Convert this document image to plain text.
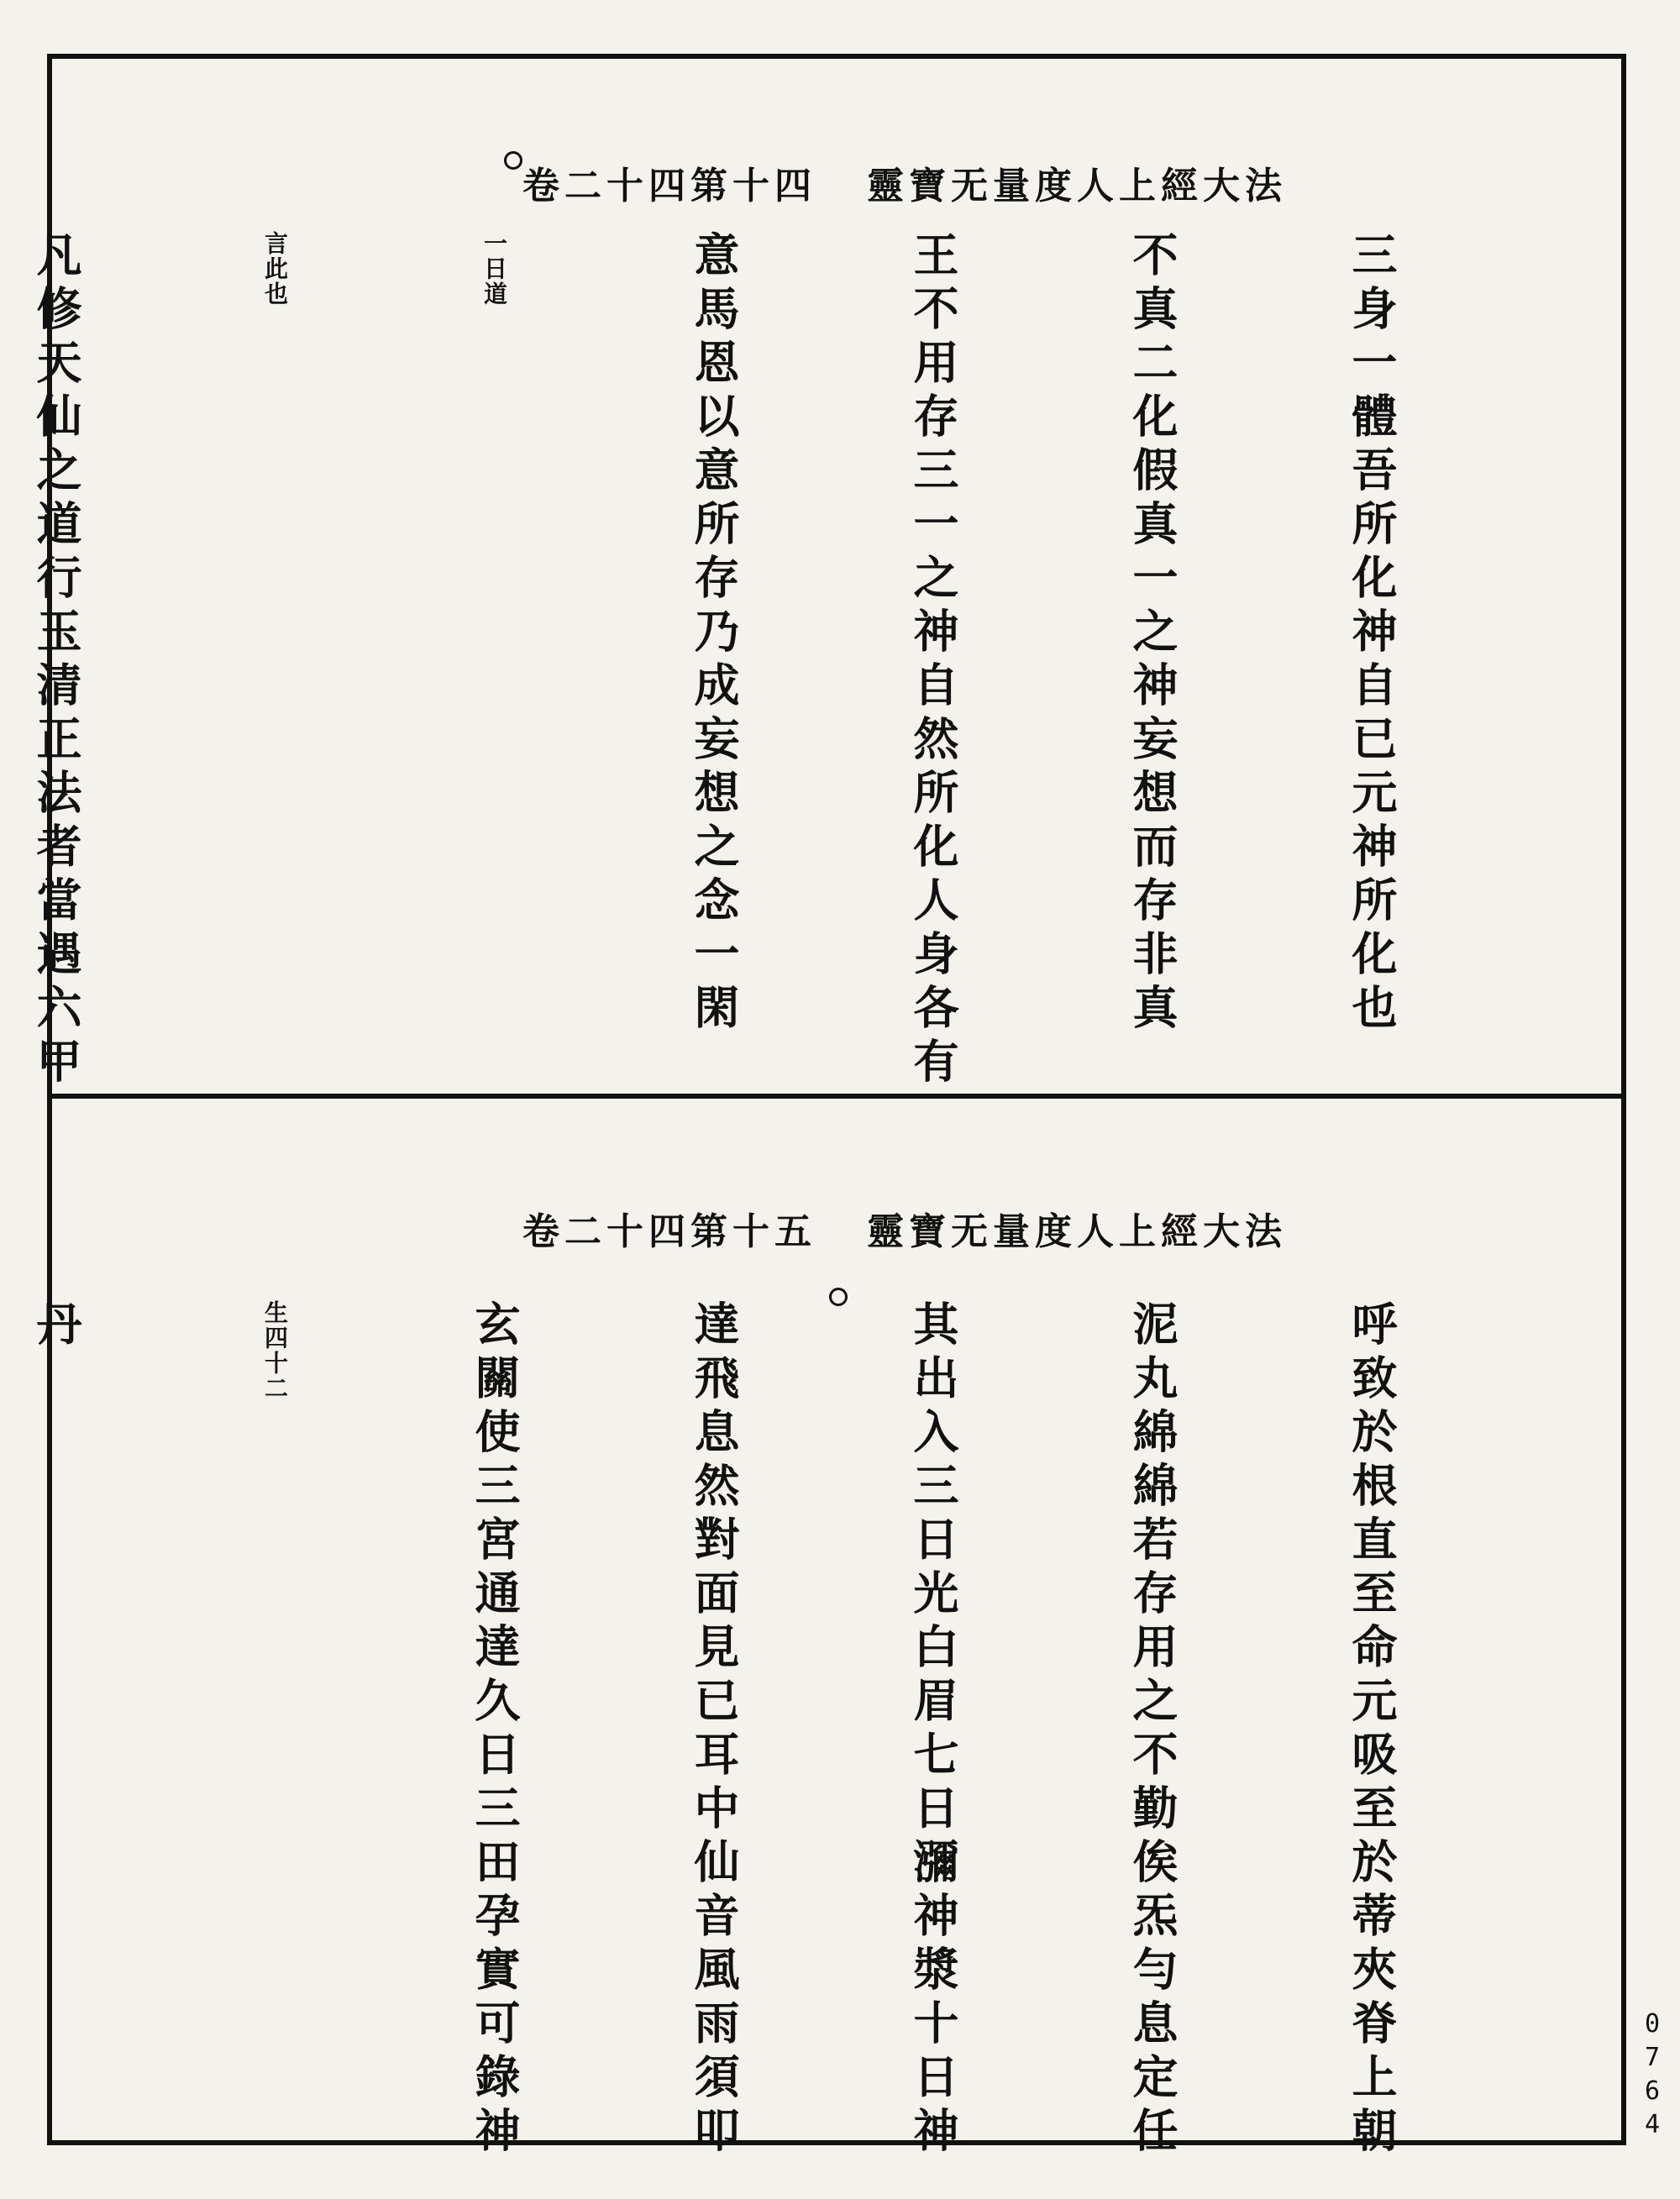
卷二十四第十四 靈寶无量度人上經大法

三身一體吾所化神自已元神所化也

不真二化假真一之神妄想而存非真

王不用存三一之神自然所化人身各有

意馬恩以意所存乃成妄想之念一閑

一日道

言此也

凡修天仙之道行玉清正法者當遇六甲

卷二十四第十五 靈寶无量度人上經大法

呼致於根直至命元吸至於蒂夾脊上朝

泥丸綿綿若存用之不勤俟炁勻息定任

其出入三日光白眉七日瀰神漿十日神

達飛息然對面見已耳中仙音風雨須叩

玄關使三宮通達久日三田孕實可錄神

生四十二

丹

0764
